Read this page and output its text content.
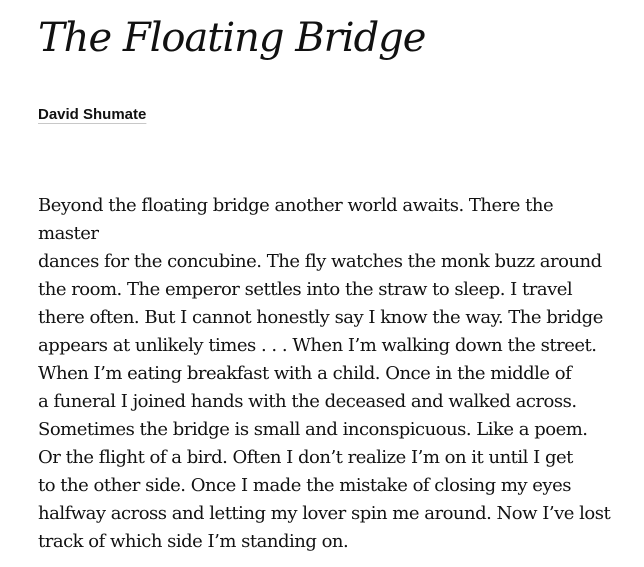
The Floating Bridge
David Shumate
Beyond the floating bridge another world awaits. There the
master
dances for the concubine. The fly watches the monk buzz around
the room. The emperor settles into the straw to sleep. I travel
there often. But I cannot honestly say I know the way. The bridge
appears at unlikely times . . . When I’m walking down the street.
When I’m eating breakfast with a child. Once in the middle of
a funeral I joined hands with the deceased and walked across.
Sometimes the bridge is small and inconspicuous. Like a poem.
Or the flight of a bird. Often I don’t realize I’m on it until I get
to the other side. Once I made the mistake of closing my eyes
halfway across and letting my lover spin me around. Now I’ve lost
track of which side I’m standing on.
